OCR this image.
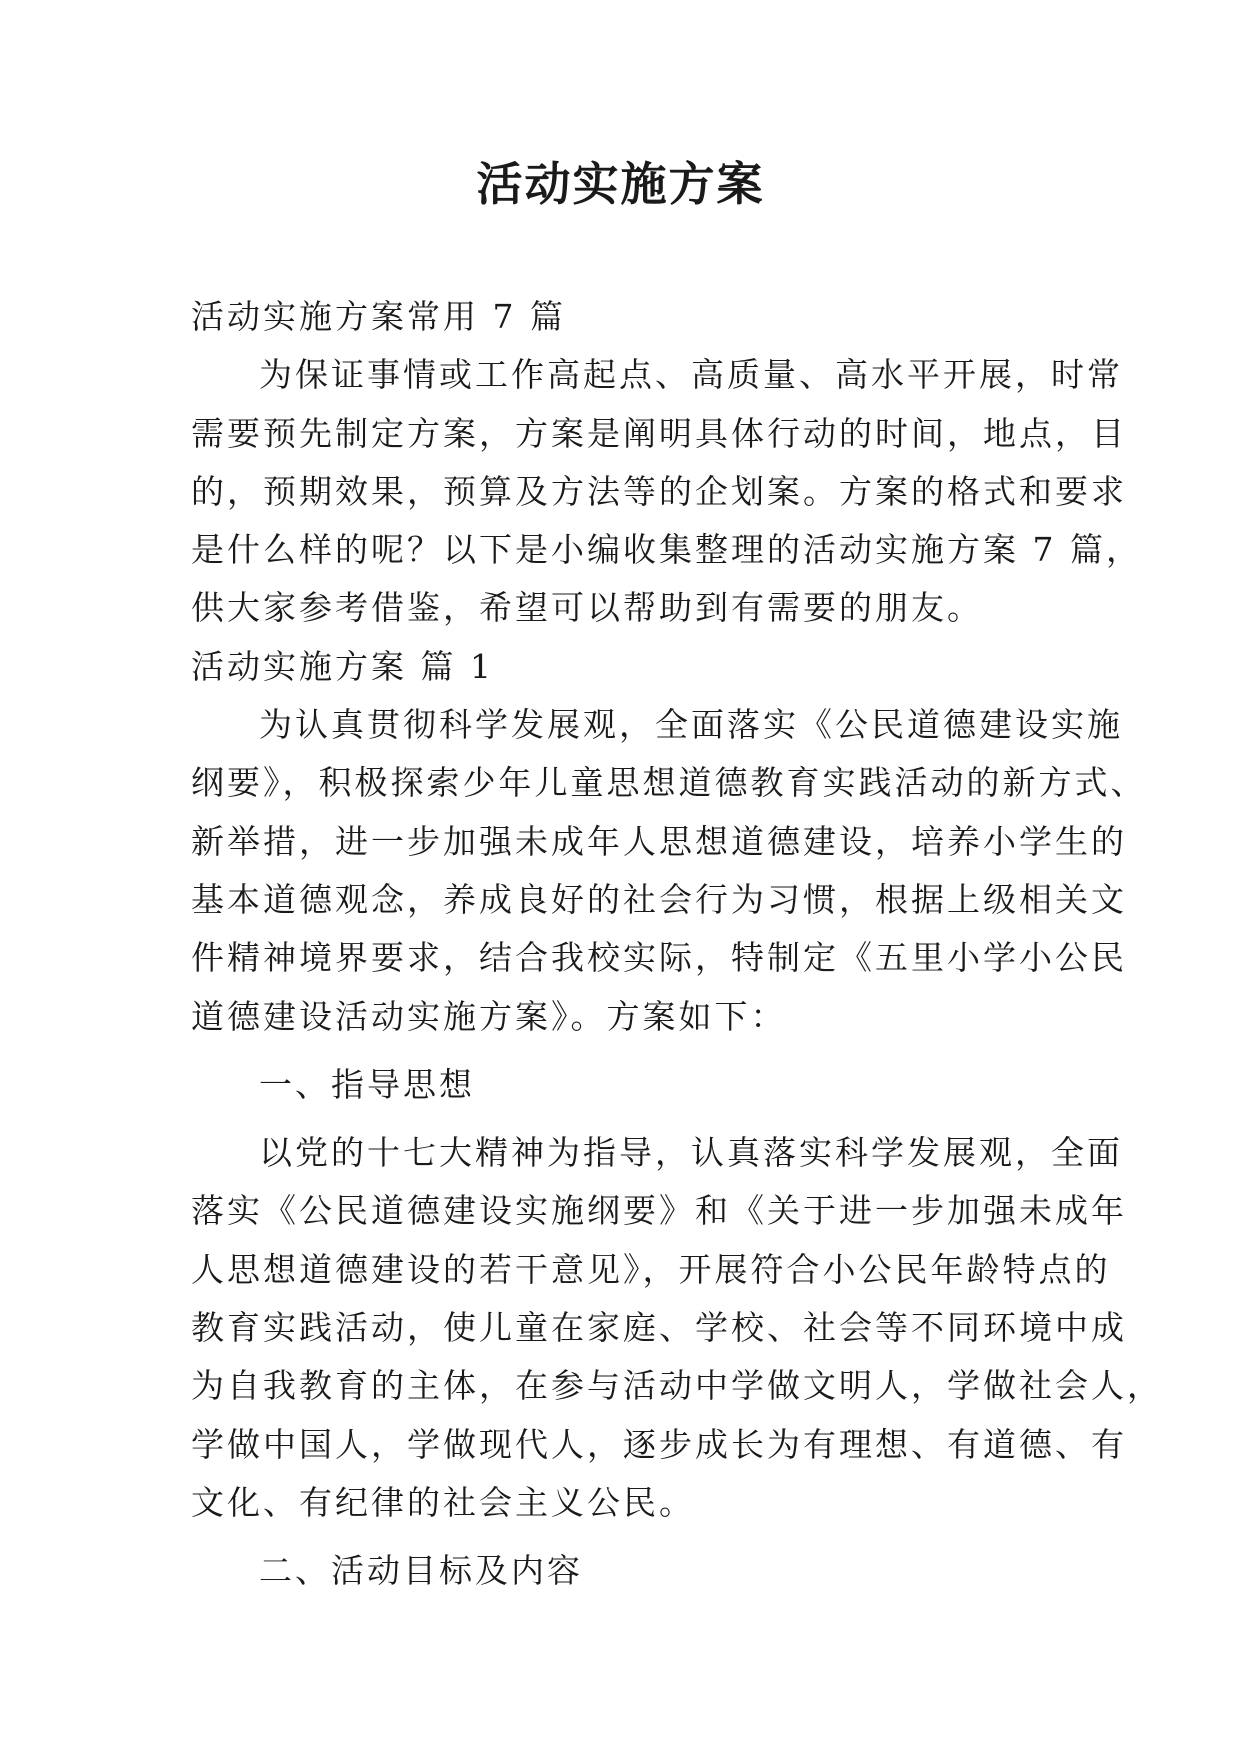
活动实施方案
活动实施方案常用 7 篇
为保证事情或工作高起点、高质量、高水平开展，时常
需要预先制定方案，方案是阐明具体行动的时间，地点，目
的，预期效果，预算及方法等的企划案。方案的格式和要求
是什么样的呢？以下是小编收集整理的活动实施方案 7 篇，
供大家参考借鉴，希望可以帮助到有需要的朋友。
活动实施方案 篇 1
为认真贯彻科学发展观，全面落实《公民道德建设实施
纲要》，积极探索少年儿童思想道德教育实践活动的新方式、
新举措，进一步加强未成年人思想道德建设，培养小学生的
基本道德观念，养成良好的社会行为习惯，根据上级相关文
件精神境界要求，结合我校实际，特制定《五里小学小公民
道德建设活动实施方案》。方案如下：
一、指导思想
以党的十七大精神为指导，认真落实科学发展观，全面
落实《公民道德建设实施纲要》和《关于进一步加强未成年
人思想道德建设的若干意见》，开展符合小公民年龄特点的
教育实践活动，使儿童在家庭、学校、社会等不同环境中成
为自我教育的主体，在参与活动中学做文明人，学做社会人，
学做中国人，学做现代人，逐步成长为有理想、有道德、有
文化、有纪律的社会主义公民。
二、活动目标及内容
